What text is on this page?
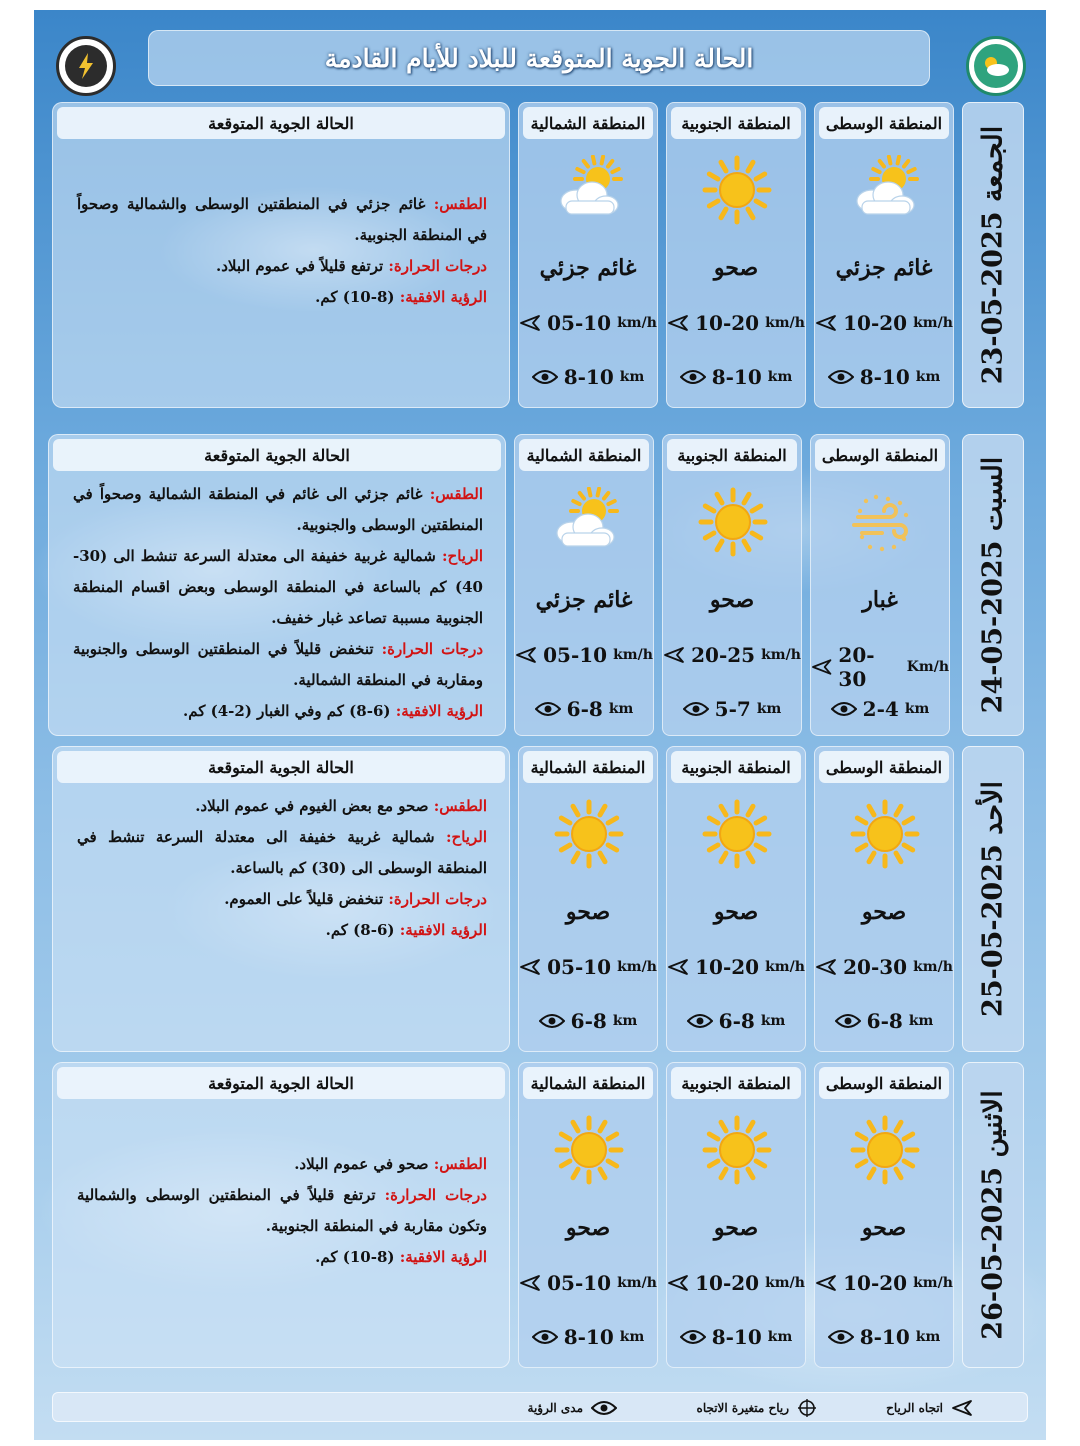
الحالة الجوية المتوقعة للبلاد للأيام القادمة
الجمعة 2025-05-23
المنطقة الوسطى
غائم جزئي
10-20 km/h
8-10 km
المنطقة الجنوبية
صحو
10-20 km/h
8-10 km
المنطقة الشمالية
غائم جزئي
05-10 km/h
8-10 km
الحالة الجوية المتوقعة
الطقس: غائم جزئي في المنطقتين الوسطى والشمالية وصحواً في المنطقة الجنوبية.
درجات الحرارة: ترتفع قليلاً في عموم البلاد.
الرؤية الافقية: (8-10) كم.
السبت 2025-05-24
المنطقة الوسطى
غبار
20-30	Km/h
2-4 km
المنطقة الجنوبية
صحو
20-25 km/h
5-7 km
المنطقة الشمالية
غائم جزئي
05-10 km/h
6-8 km
الحالة الجوية المتوقعة
الطقس: غائم جزئي الى غائم في المنطقة الشمالية وصحواً في المنطقتين الوسطى والجنوبية.
الرياح: شمالية غربية خفيفة الى معتدلة السرعة تنشط الى (30-40) كم بالساعة في المنطقة الوسطى وبعض اقسام المنطقة الجنوبية مسببة تصاعد غبار خفيف.
درجات الحرارة: تنخفض قليلاً في المنطقتين الوسطى والجنوبية ومقاربة في المنطقة الشمالية.
الرؤية الافقية: (6-8) كم وفي الغبار (2-4) كم.
الأحد 2025-05-25
المنطقة الوسطى
صحو
20-30 km/h
6-8 km
المنطقة الجنوبية
صحو
10-20 km/h
6-8 km
المنطقة الشمالية
صحو
05-10 km/h
6-8 km
الحالة الجوية المتوقعة
الطقس: صحو مع بعض الغيوم في عموم البلاد.
الرياح: شمالية غربية خفيفة الى معتدلة السرعة تنشط في المنطقة الوسطى الى (30) كم بالساعة.
درجات الحرارة: تنخفض قليلاً على العموم.
الرؤية الافقية: (6-8) كم.
الاثنين 2025-05-26
المنطقة الوسطى
صحو
10-20 km/h
8-10 km
المنطقة الجنوبية
صحو
10-20 km/h
8-10 km
المنطقة الشمالية
صحو
05-10 km/h
8-10 km
الحالة الجوية المتوقعة
الطقس: صحو في عموم البلاد.
درجات الحرارة: ترتفع قليلاً في المنطقتين الوسطى والشمالية وتكون مقاربة في المنطقة الجنوبية.
الرؤية الافقية: (8-10) كم.
اتجاه الرياح
رياح متغيرة الاتجاه
مدى الرؤية
